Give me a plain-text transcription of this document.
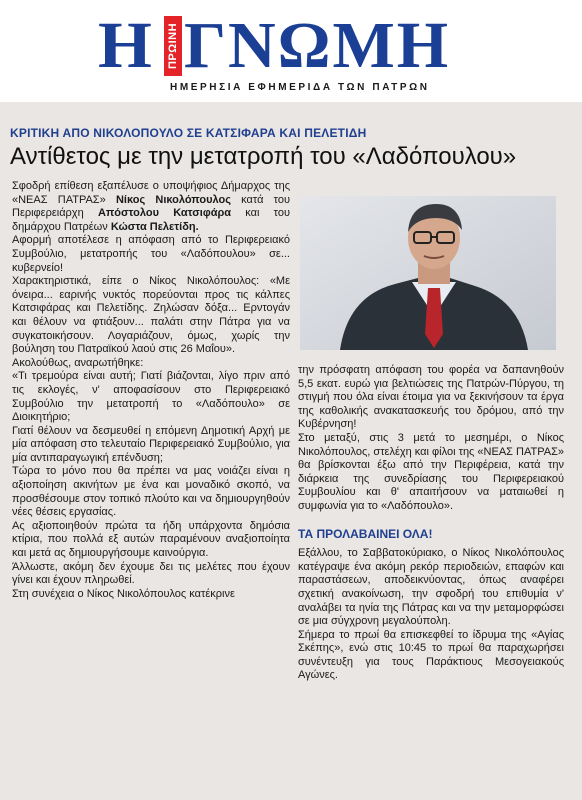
Η ΠΡΩΙΝΗ ΓΝΩΜΗ
ΗΜΕΡΗΣΙΑ ΕΦΗΜΕΡΙΔΑ ΤΩΝ ΠΑΤΡΩΝ
ΚΡΙΤΙΚΗ ΑΠΟ ΝΙΚΟΛΟΠΟΥΛΟ ΣΕ ΚΑΤΣΙΦΑΡΑ ΚΑΙ ΠΕΛΕΤΙΔΗ
Αντίθετος με την μετατροπή του «Λαδόπουλου»

Σφοδρή επίθεση εξαπέλυσε ο υποψήφιος Δήμαρχος της «ΝΕΑΣ ΠΑΤΡΑΣ» Νίκος Νικολόπουλος κατά του Περιφερειάρχη Απόστολου Κατσιφάρα και του δημάρχου Πατρέων Κώστα Πελετίδη.

Αφορμή αποτέλεσε η απόφαση από το Περιφερειακό Συμβούλιο, μετατροπής του «Λαδόπουλου» σε... κυβερνείο!

Χαρακτηριστικά, είπε ο Νίκος Νικολόπουλος: «Με όνειρα... εαρινής νυκτός πορεύονται προς τις κάλπες Κατσιφάρας και Πελετίδης. Ζηλώσαν δόξα... Ερντογάν και θέλουν να φτιάξουν... παλάτι στην Πάτρα για να συγκατοικήσουν. Λογαριάζουν, όμως, χωρίς την βούληση του Πατραϊκού λαού στις 26 Μαΐου».

Ακολούθως, αναρωτήθηκε:

«Τι τρεμούρα είναι αυτή; Γιατί βιάζονται, λίγο πριν από τις εκλογές, ν' αποφασίσουν στο Περιφερειακό Συμβούλιο την μετατροπή το «Λαδόπουλο» σε Διοικητήριο;

Γιατί θέλουν να δεσμευθεί η επόμενη Δημοτική Αρχή με μία απόφαση στο τελευταίο Περιφερειακό Συμβούλιο, για μία αντιπαραγωγική επένδυση;

Τώρα το μόνο που θα πρέπει να μας νοιάζει είναι η αξιοποίηση ακινήτων με ένα και μοναδικό σκοπό, να προσθέσουμε στον τοπικό πλούτο και να δημιουργηθούν νέες θέσεις εργασίας.

Ας αξιοποιηθούν πρώτα τα ήδη υπάρχοντα δημόσια κτίρια, που πολλά εξ αυτών παραμένουν αναξιοποίητα και μετά ας δημιουργήσουμε καινούργια.

Άλλωστε, ακόμη δεν έχουμε δει τις μελέτες που έχουν γίνει και έχουν πληρωθεί.

Στη συνέχεια ο Νίκος Νικολόπουλος κατέκρινε

την πρόσφατη απόφαση του φορέα να δαπανηθούν 5,5 εκατ. ευρώ για βελτιώσεις της Πατρών-Πύργου, τη στιγμή που όλα είναι έτοιμα για να ξεκινήσουν τα έργα της καθολικής ανακατασκευής του δρόμου, από την Κυβέρνηση!

Στο μεταξύ, στις 3 μετά το μεσημέρι, ο Νίκος Νικολόπουλος, στελέχη και φίλοι της «ΝΕΑΣ ΠΑΤΡΑΣ» θα βρίσκονται έξω από την Περιφέρεια, κατά την διάρκεια της συνεδρίασης του Περιφερειακού Συμβουλίου και θ' απαιτήσουν να ματαιωθεί η συμφωνία για το «Λαδόπουλο».

ΤΑ ΠΡΟΛΑΒΑΙΝΕΙ ΟΛΑ!

Εξάλλου, το Σαββατοκύριακο, ο Νίκος Νικολόπουλος κατέγραψε ένα ακόμη ρεκόρ περιοδειών, επαφών και παραστάσεων, αποδεικνύοντας, όπως αναφέρει σχετική ανακοίνωση, την σφοδρή του επιθυμία ν' αναλάβει τα ηνία της Πάτρας και να την μεταμορφώσει σε μια σύγχρονη μεγαλούπολη.

Σήμερα το πρωί θα επισκεφθεί το ίδρυμα της «Αγίας Σκέπης», ενώ στις 10:45 το πρωί θα παραχωρήσει συνέντευξη για τους Παράκτιους Μεσογειακούς Αγώνες.
